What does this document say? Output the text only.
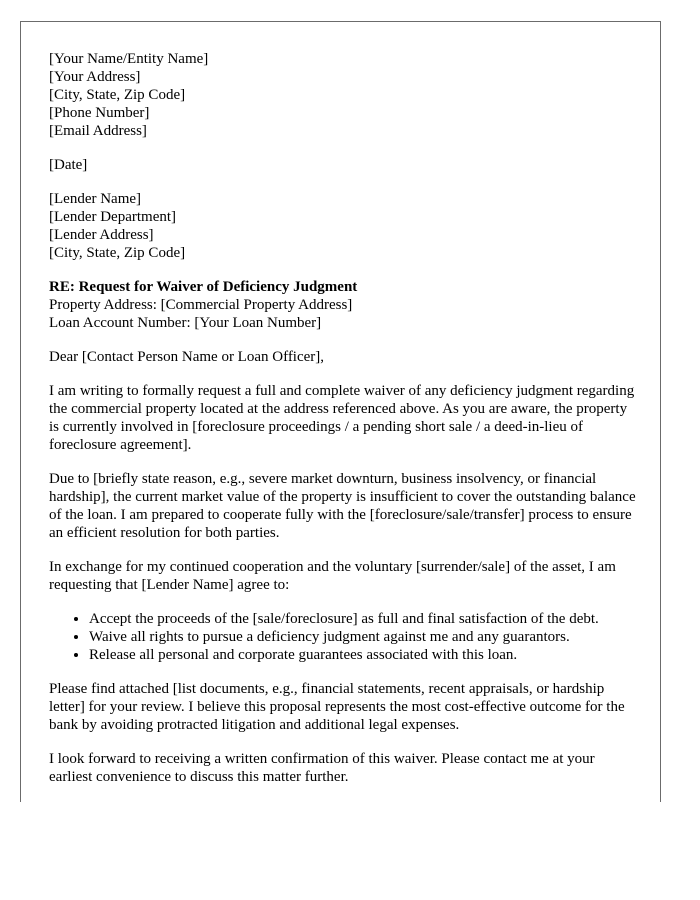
[Your Name/Entity Name]
[Your Address]
[City, State, Zip Code]
[Phone Number]
[Email Address]
[Date]
[Lender Name]
[Lender Department]
[Lender Address]
[City, State, Zip Code]
RE: Request for Waiver of Deficiency Judgment
Property Address: [Commercial Property Address]
Loan Account Number: [Your Loan Number]

Dear [Contact Person Name or Loan Officer],

I am writing to formally request a full and complete waiver of any deficiency judgment regarding the commercial property located at the address referenced above. As you are aware, the property is currently involved in [foreclosure proceedings / a pending short sale / a deed-in-lieu of foreclosure agreement].

Due to [briefly state reason, e.g., severe market downturn, business insolvency, or financial hardship], the current market value of the property is insufficient to cover the outstanding balance of the loan. I am prepared to cooperate fully with the [foreclosure/sale/transfer] process to ensure an efficient resolution for both parties.

In exchange for my continued cooperation and the voluntary [surrender/sale] of the asset, I am requesting that [Lender Name] agree to:

• Accept the proceeds of the [sale/foreclosure] as full and final satisfaction of the debt.
• Waive all rights to pursue a deficiency judgment against me and any guarantors.
• Release all personal and corporate guarantees associated with this loan.

Please find attached [list documents, e.g., financial statements, recent appraisals, or hardship letter] for your review. I believe this proposal represents the most cost-effective outcome for the bank by avoiding protracted litigation and additional legal expenses.

I look forward to receiving a written confirmation of this waiver. Please contact me at your earliest convenience to discuss this matter further.
